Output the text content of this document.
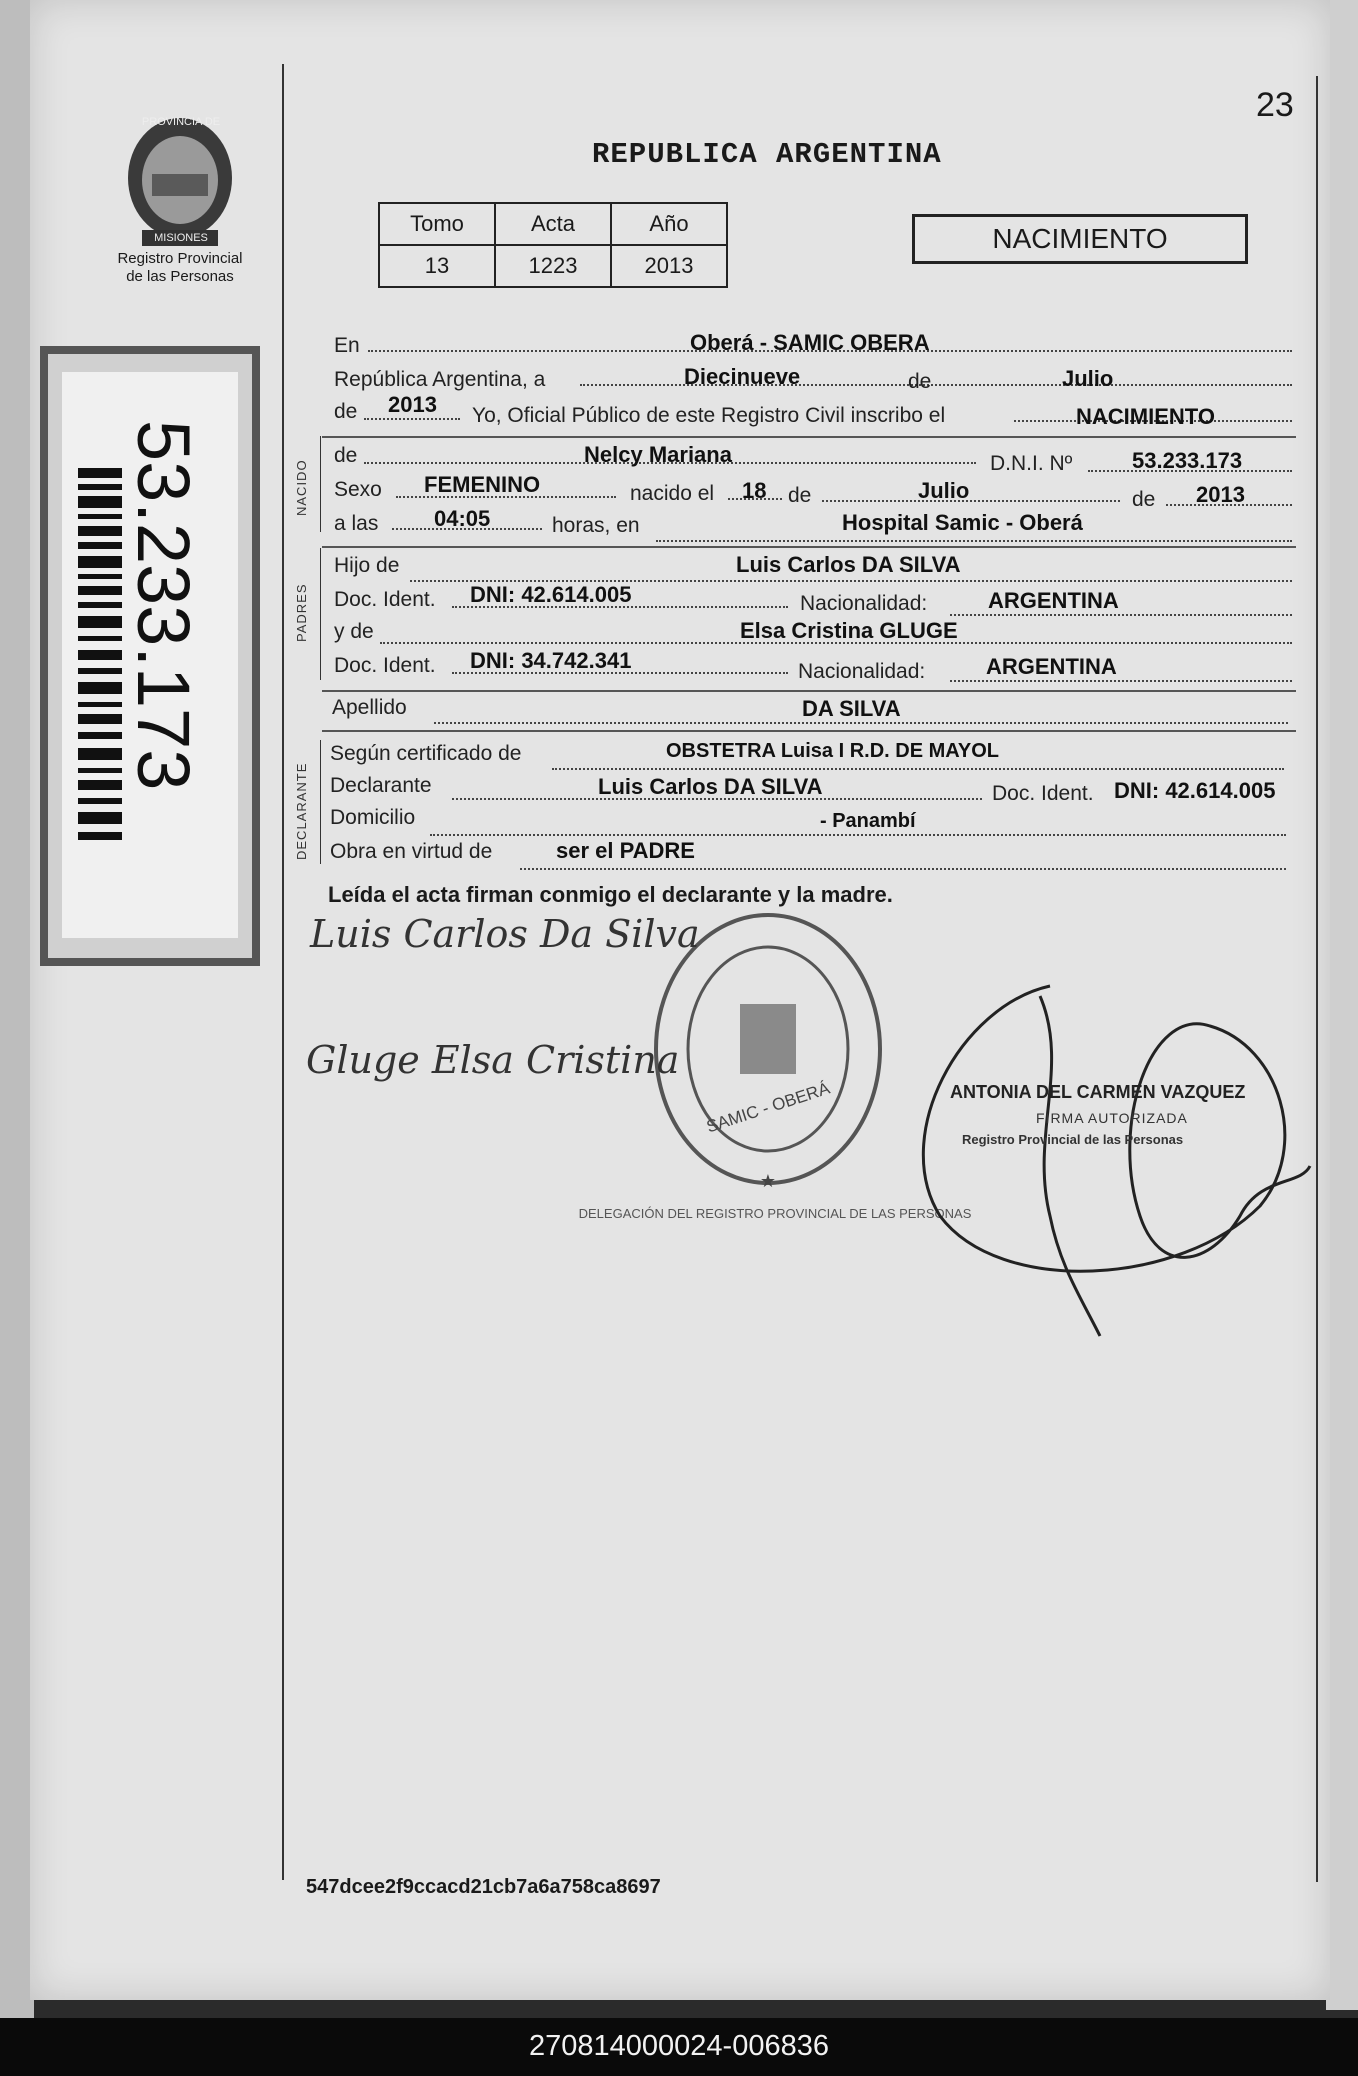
PROVINCIA DE
MISIONES
Registro Provincial
de las Personas
53.233.173
REPUBLICA ARGENTINA
23
Tomo	Acta	Año
13	1223	2013
NACIMIENTO
NACIDO
PADRES
DECLARANTE
En	Oberá - SAMIC OBERA
República Argentina, a	Diecinueve	de	Julio
de 2013 Yo, Oficial Público de este Registro Civil inscribo el	NACIMIENTO
de	Nelcy Mariana	D.N.I. Nº	53.233.173
Sexo FEMENINO	nacido el 18 de	Julio	de 2013
a las	04:05	horas, en	Hospital Samic - Oberá
Hijo de	Luis Carlos DA SILVA
Doc. Ident. DNI: 42.614.005	Nacionalidad:	ARGENTINA
y de	Elsa Cristina GLUGE
Doc. Ident. DNI: 34.742.341	Nacionalidad:	ARGENTINA
Apellido	DA SILVA
Según certificado de	OBSTETRA Luisa I R.D. DE MAYOL
Declarante	Luis Carlos DA SILVA	Doc. Ident. DNI: 42.614.005
Domicilio	- Panambí
Obra en virtud de	ser el PADRE
Leída el acta firman conmigo el declarante y la madre.
★
SAMIC - OBERÁ
DELEGACIÓN DEL REGISTRO PROVINCIAL DE LAS PERSONAS
Luis Carlos Da Silva
Gluge Elsa Cristina
ANTONIA DEL CARMEN VAZQUEZ
FIRMA AUTORIZADA
Registro Provincial de las Personas
547dcee2f9ccacd21cb7a6a758ca8697
270814000024-006836
